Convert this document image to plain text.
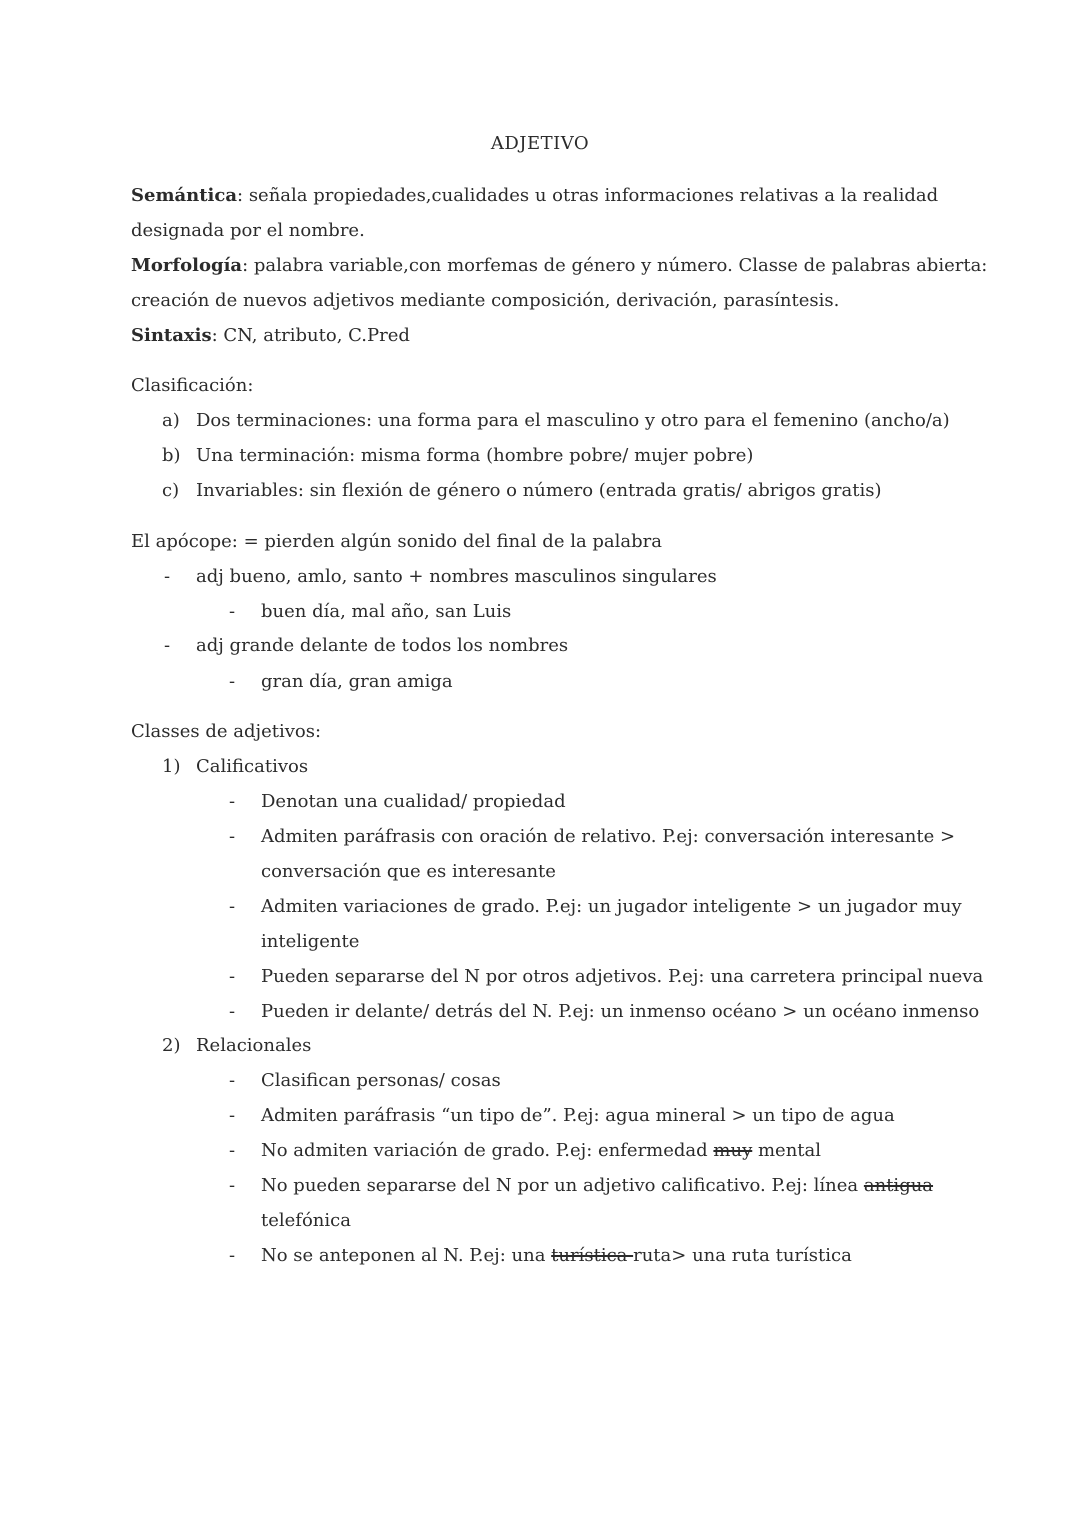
ADJETIVO
Semántica: señala propiedades,cualidades u otras informaciones relativas a la realidad
designada por el nombre.
Morfología: palabra variable,con morfemas de género y número. Classe de palabras abierta:
creación de nuevos adjetivos mediante composición, derivación, parasíntesis.
Sintaxis: CN, atributo, C.Pred
Clasificación:
a) Dos terminaciones: una forma para el masculino y otro para el femenino (ancho/a)
b) Una terminación: misma forma (hombre pobre/ mujer pobre)
c) Invariables: sin flexión de género o número (entrada gratis/ abrigos gratis)
El apócope: = pierden algún sonido del final de la palabra
- adj bueno, amlo, santo + nombres masculinos singulares
- buen día, mal año, san Luis
- adj grande delante de todos los nombres
- gran día, gran amiga
Classes de adjetivos:
1) Calificativos
- Denotan una cualidad/ propiedad
- Admiten paráfrasis con oración de relativo. P.ej: conversación interesante >
conversación que es interesante
- Admiten variaciones de grado. P.ej: un jugador inteligente > un jugador muy
inteligente
- Pueden separarse del N por otros adjetivos. P.ej: una carretera principal nueva
- Pueden ir delante/ detrás del N. P.ej: un inmenso océano > un océano inmenso
2) Relacionales
- Clasifican personas/ cosas
- Admiten paráfrasis “un tipo de”. P.ej: agua mineral > un tipo de agua
- No admiten variación de grado. P.ej: enfermedad muy mental
- No pueden separarse del N por un adjetivo calificativo. P.ej: línea antigua
telefónica
- No se anteponen al N. P.ej: una turística ruta> una ruta turística
